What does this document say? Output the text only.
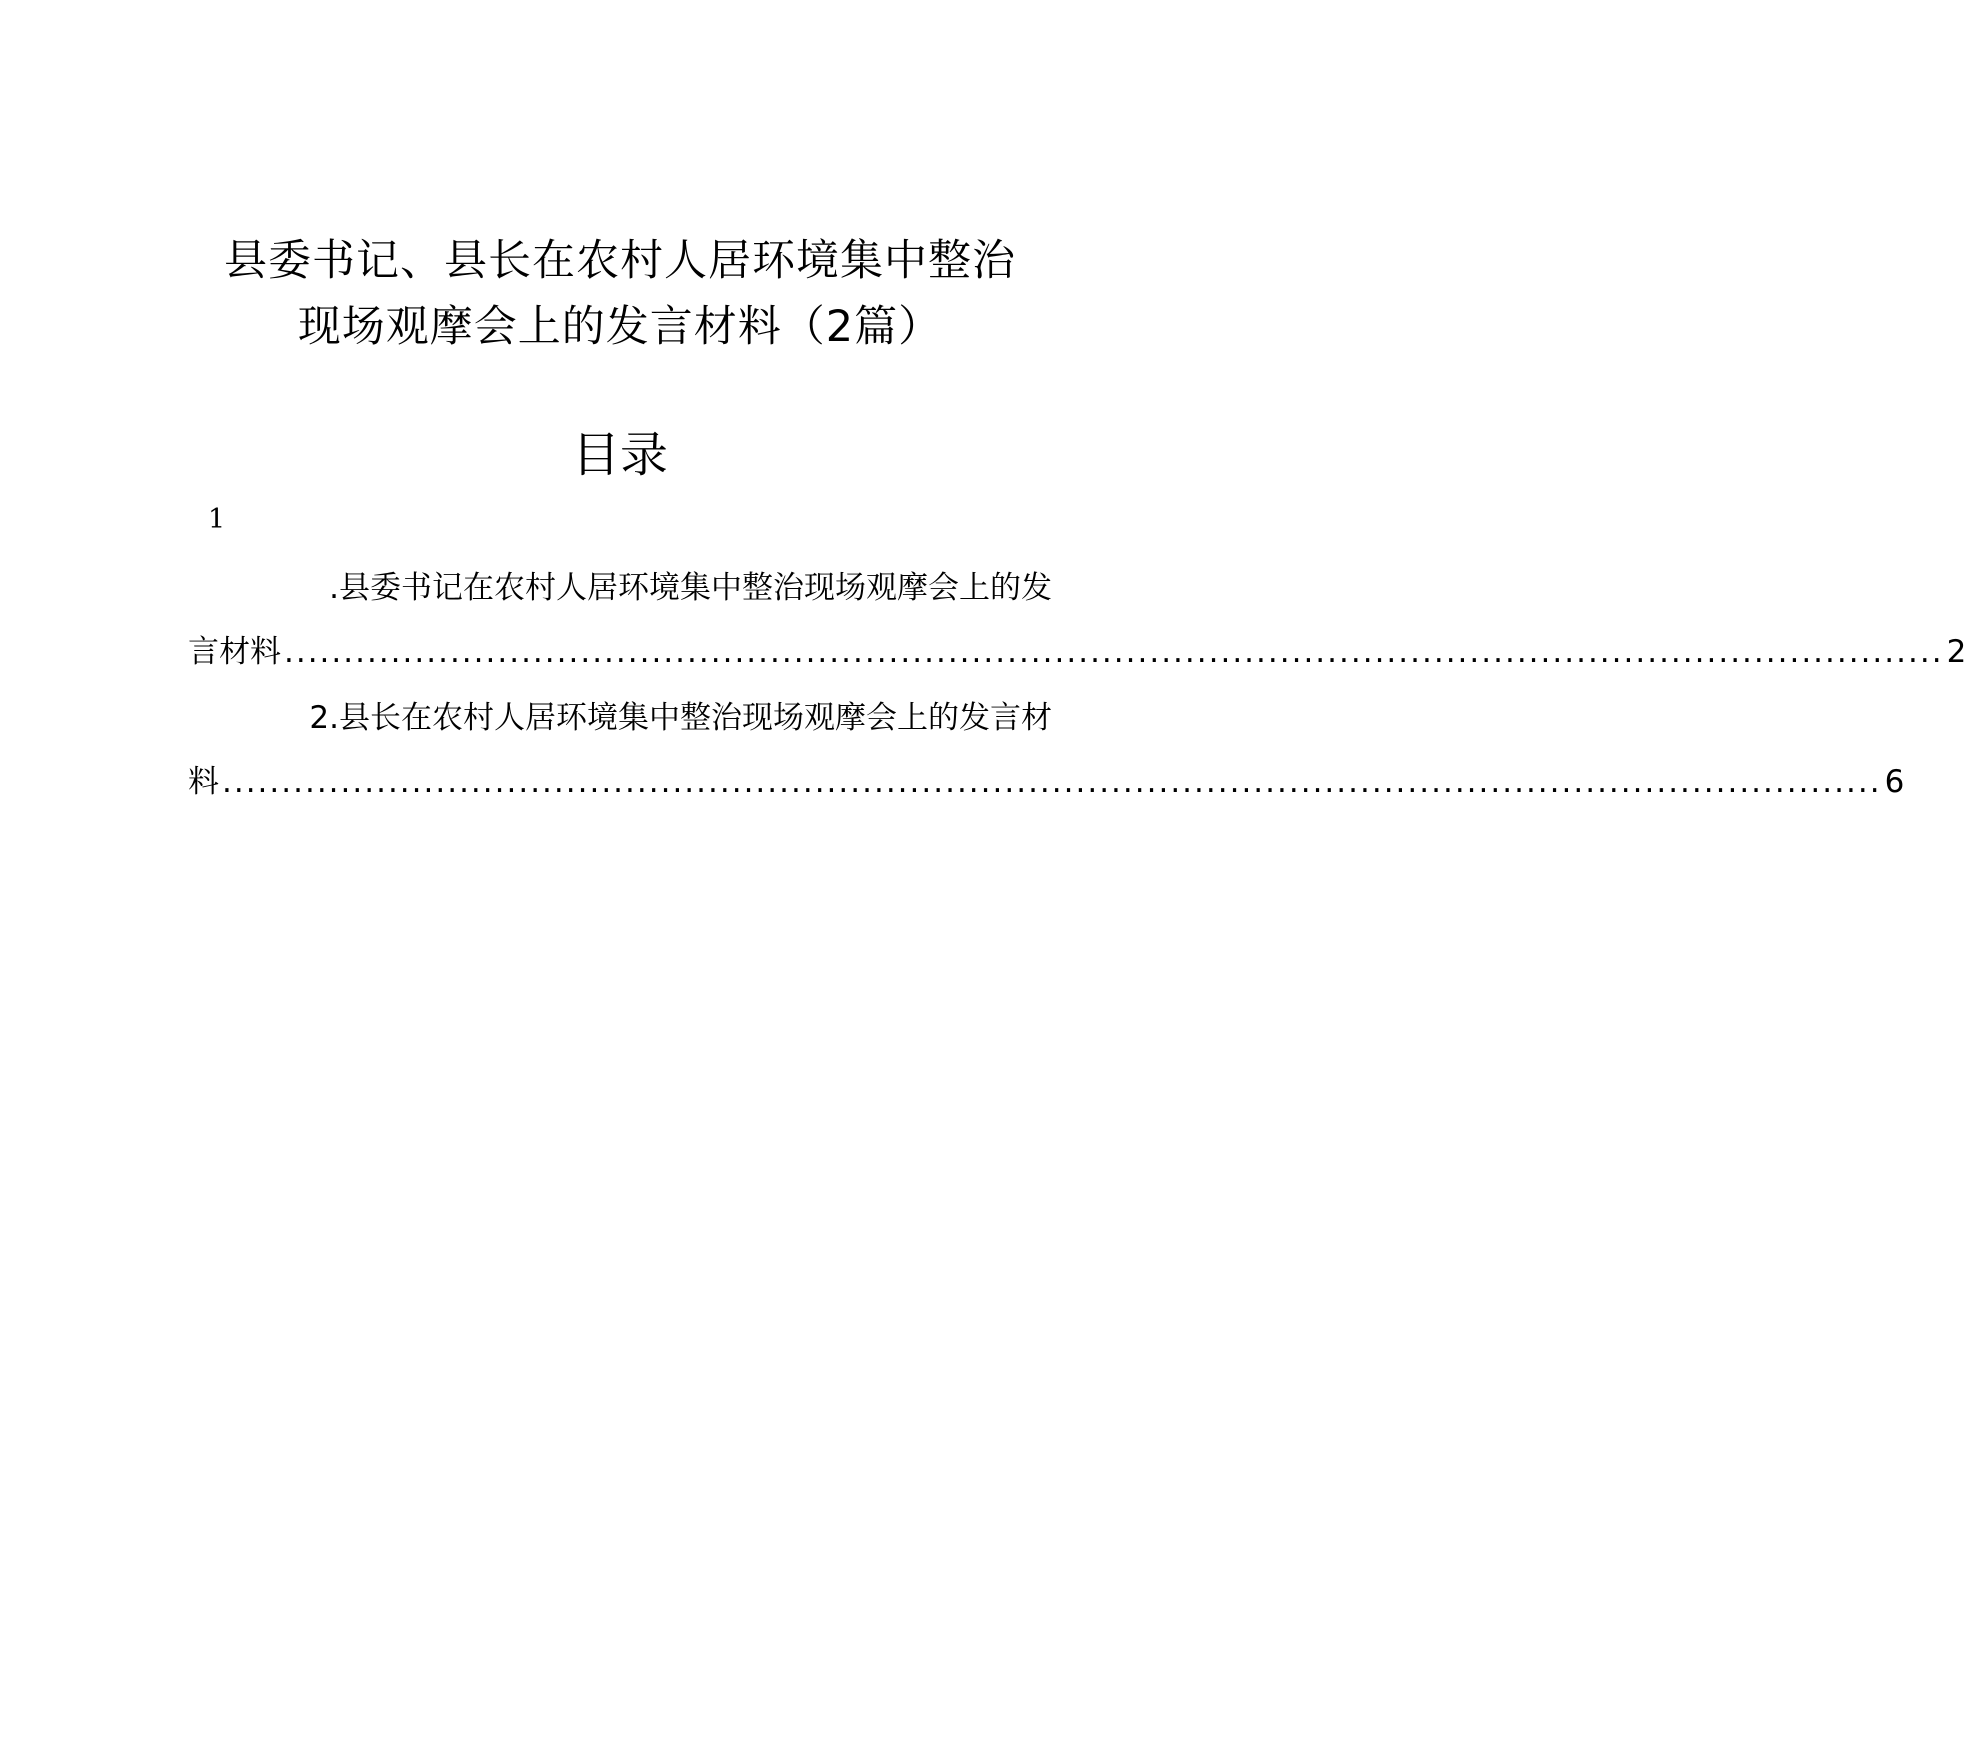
县委书记、县长在农村人居环境集中整治
现场观摩会上的发言材料（2篇）
目录
1
.县委书记在农村人居环境集中整治现场观摩会上的发
言材料 ............................................................................................................................................ 2
2.县长在农村人居环境集中整治现场观摩会上的发言材
料 ............................................................................................................................................ 6
